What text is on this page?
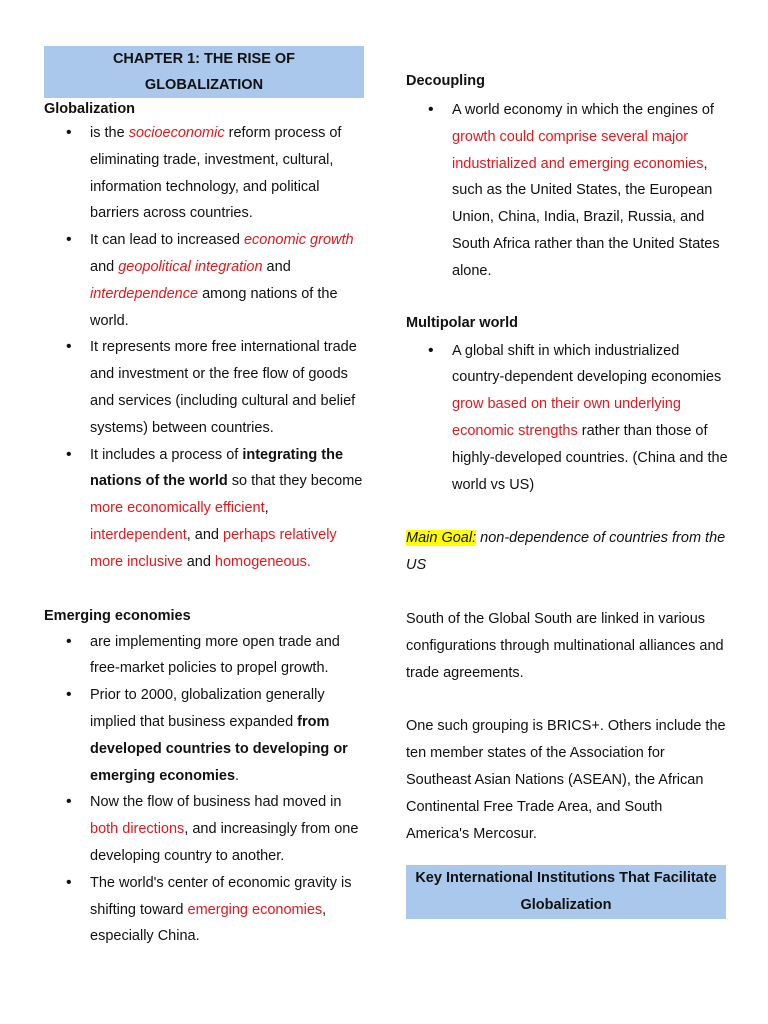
CHAPTER 1: THE RISE OF
GLOBALIZATION
Globalization
• is the socioeconomic reform process of eliminating trade, investment, cultural, information technology, and political barriers across countries.
• It can lead to increased economic growth and geopolitical integration and interdependence among nations of the world.
• It represents more free international trade and investment or the free flow of goods and services (including cultural and belief systems) between countries.
• It includes a process of integrating the nations of the world so that they become more economically efficient, interdependent, and perhaps relatively more inclusive and homogeneous.
Emerging economies
• are implementing more open trade and free-market policies to propel growth.
• Prior to 2000, globalization generally implied that business expanded from developed countries to developing or emerging economies.
• Now the flow of business had moved in both directions, and increasingly from one developing country to another.
• The world's center of economic gravity is shifting toward emerging economies, especially China.
Decoupling
• A world economy in which the engines of growth could comprise several major industrialized and emerging economies, such as the United States, the European Union, China, India, Brazil, Russia, and South Africa rather than the United States alone.
Multipolar world
• A global shift in which industrialized country-dependent developing economies grow based on their own underlying economic strengths rather than those of highly-developed countries. (China and the world vs US)

Main Goal: non-dependence of countries from the US

South of the Global South are linked in various configurations through multinational alliances and trade agreements.

One such grouping is BRICS+. Others include the ten member states of the Association for Southeast Asian Nations (ASEAN), the African Continental Free Trade Area, and South America's Mercosur.

Key International Institutions That Facilitate Globalization
